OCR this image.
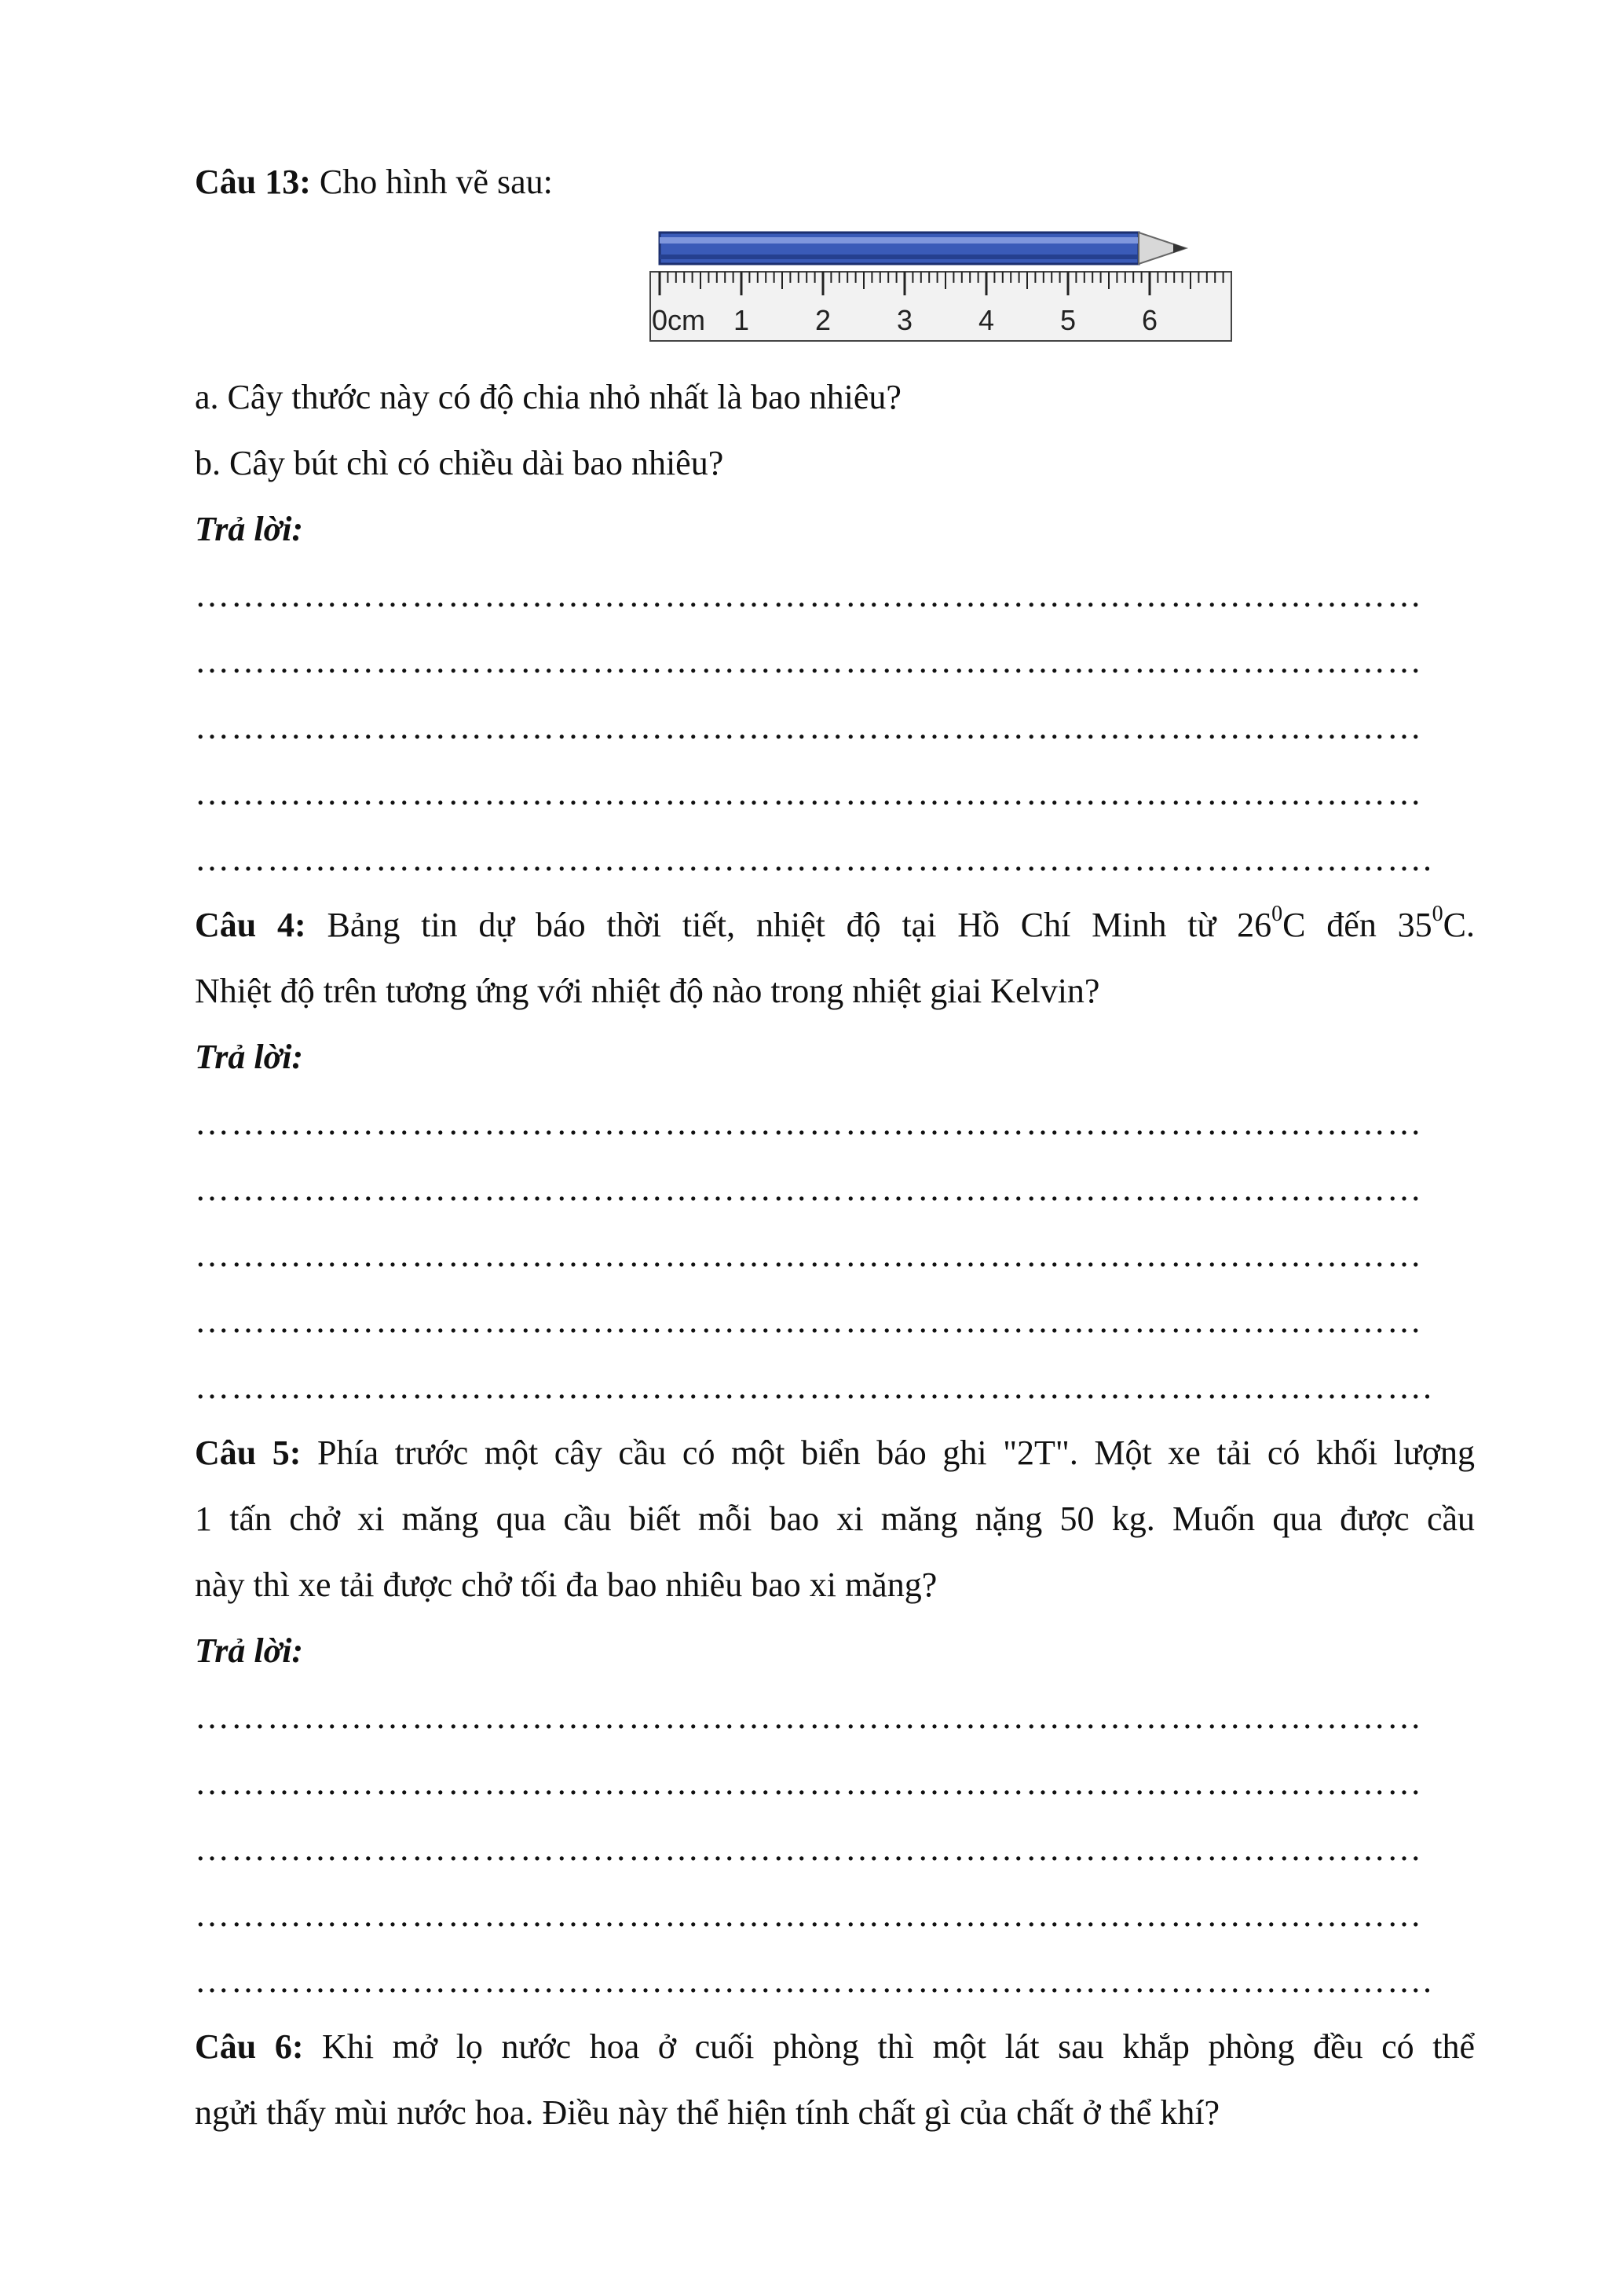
Câu 13: Cho hình vẽ sau:
0cm 1 2 3 4 5 6
a. Cây thước này có độ chia nhỏ nhất là bao nhiêu?
b. Cây bút chì có chiều dài bao nhiêu?
Trả lời:
…………………………………………………………………………………………
…………………………………………………………………………………………
…………………………………………………………………………………………
…………………………………………………………………………………………
………………………………………………………………………………………….
Câu 4: Bảng tin dự báo thời tiết, nhiệt độ tại Hồ Chí Minh từ $26^0C$ đến $35^0C$.
Nhiệt độ trên tương ứng với nhiệt độ nào trong nhiệt giai Kelvin?
Trả lời:
…………………………………………………………………………………………
…………………………………………………………………………………………
…………………………………………………………………………………………
…………………………………………………………………………………………
………………………………………………………………………………………….
Câu 5: Phía trước một cây cầu có một biển báo ghi "2T". Một xe tải có khối lượng
1 tấn chở xi măng qua cầu biết mỗi bao xi măng nặng 50 kg. Muốn qua được cầu
này thì xe tải được chở tối đa bao nhiêu bao xi măng?
Trả lời:
…………………………………………………………………………………………
…………………………………………………………………………………………
…………………………………………………………………………………………
…………………………………………………………………………………………
………………………………………………………………………………………….
Câu 6: Khi mở lọ nước hoa ở cuối phòng thì một lát sau khắp phòng đều có thể
ngửi thấy mùi nước hoa. Điều này thể hiện tính chất gì của chất ở thể khí?
